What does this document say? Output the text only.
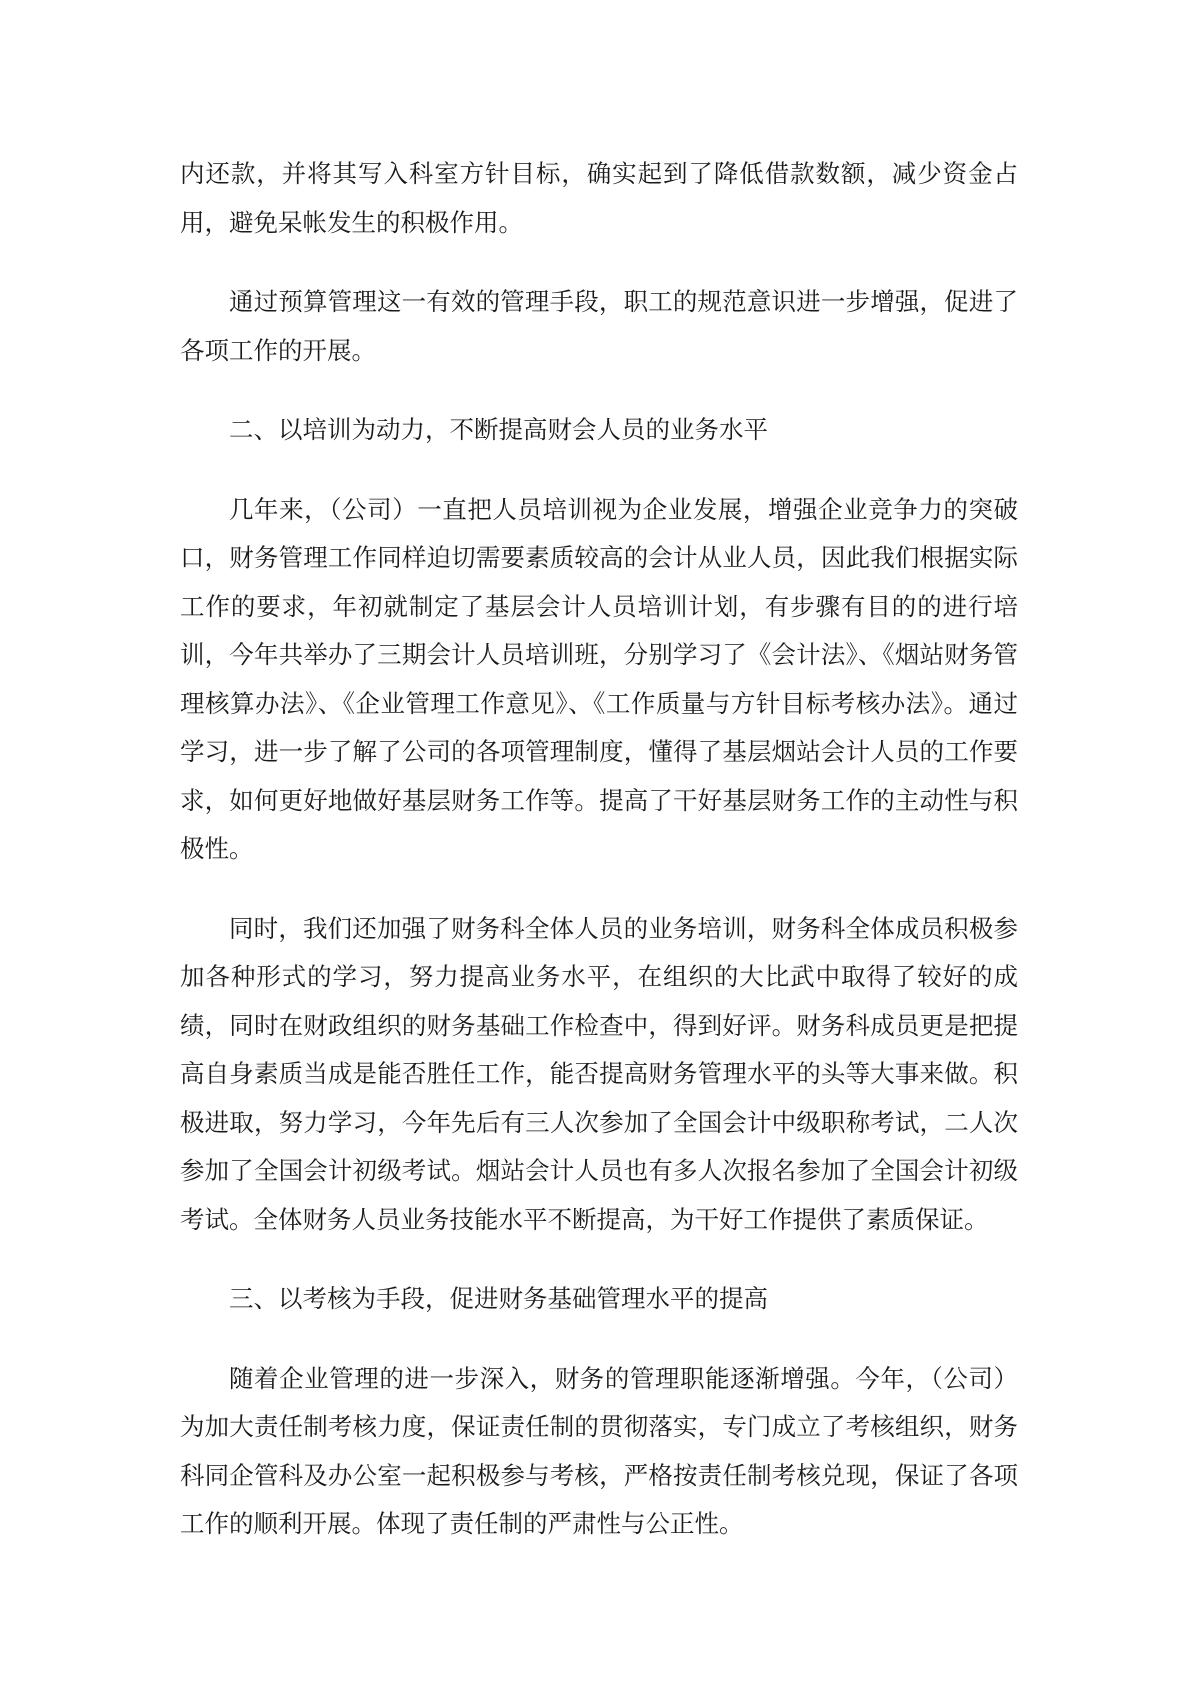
内还款，并将其写入科室方针目标，确实起到了降低借款数额，减少资金占用，避免呆帐发生的积极作用。

通过预算管理这一有效的管理手段，职工的规范意识进一步增强，促进了各项工作的开展。

二、以培训为动力，不断提高财会人员的业务水平

几年来，（公司）一直把人员培训视为企业发展，增强企业竞争力的突破口，财务管理工作同样迫切需要素质较高的会计从业人员，因此我们根据实际工作的要求，年初就制定了基层会计人员培训计划，有步骤有目的的进行培训，今年共举办了三期会计人员培训班，分别学习了《会计法》、《烟站财务管理核算办法》、《企业管理工作意见》、《工作质量与方针目标考核办法》。通过学习，进一步了解了公司的各项管理制度，懂得了基层烟站会计人员的工作要求，如何更好地做好基层财务工作等。提高了干好基层财务工作的主动性与积极性。

同时，我们还加强了财务科全体人员的业务培训，财务科全体成员积极参加各种形式的学习，努力提高业务水平，在组织的大比武中取得了较好的成绩，同时在财政组织的财务基础工作检查中，得到好评。财务科成员更是把提高自身素质当成是能否胜任工作，能否提高财务管理水平的头等大事来做。积极进取，努力学习，今年先后有三人次参加了全国会计中级职称考试，二人次参加了全国会计初级考试。烟站会计人员也有多人次报名参加了全国会计初级考试。全体财务人员业务技能水平不断提高，为干好工作提供了素质保证。

三、以考核为手段，促进财务基础管理水平的提高

随着企业管理的进一步深入，财务的管理职能逐渐增强。今年，（公司）为加大责任制考核力度，保证责任制的贯彻落实，专门成立了考核组织，财务科同企管科及办公室一起积极参与考核，严格按责任制考核兑现，保证了各项工作的顺利开展。体现了责任制的严肃性与公正性。
